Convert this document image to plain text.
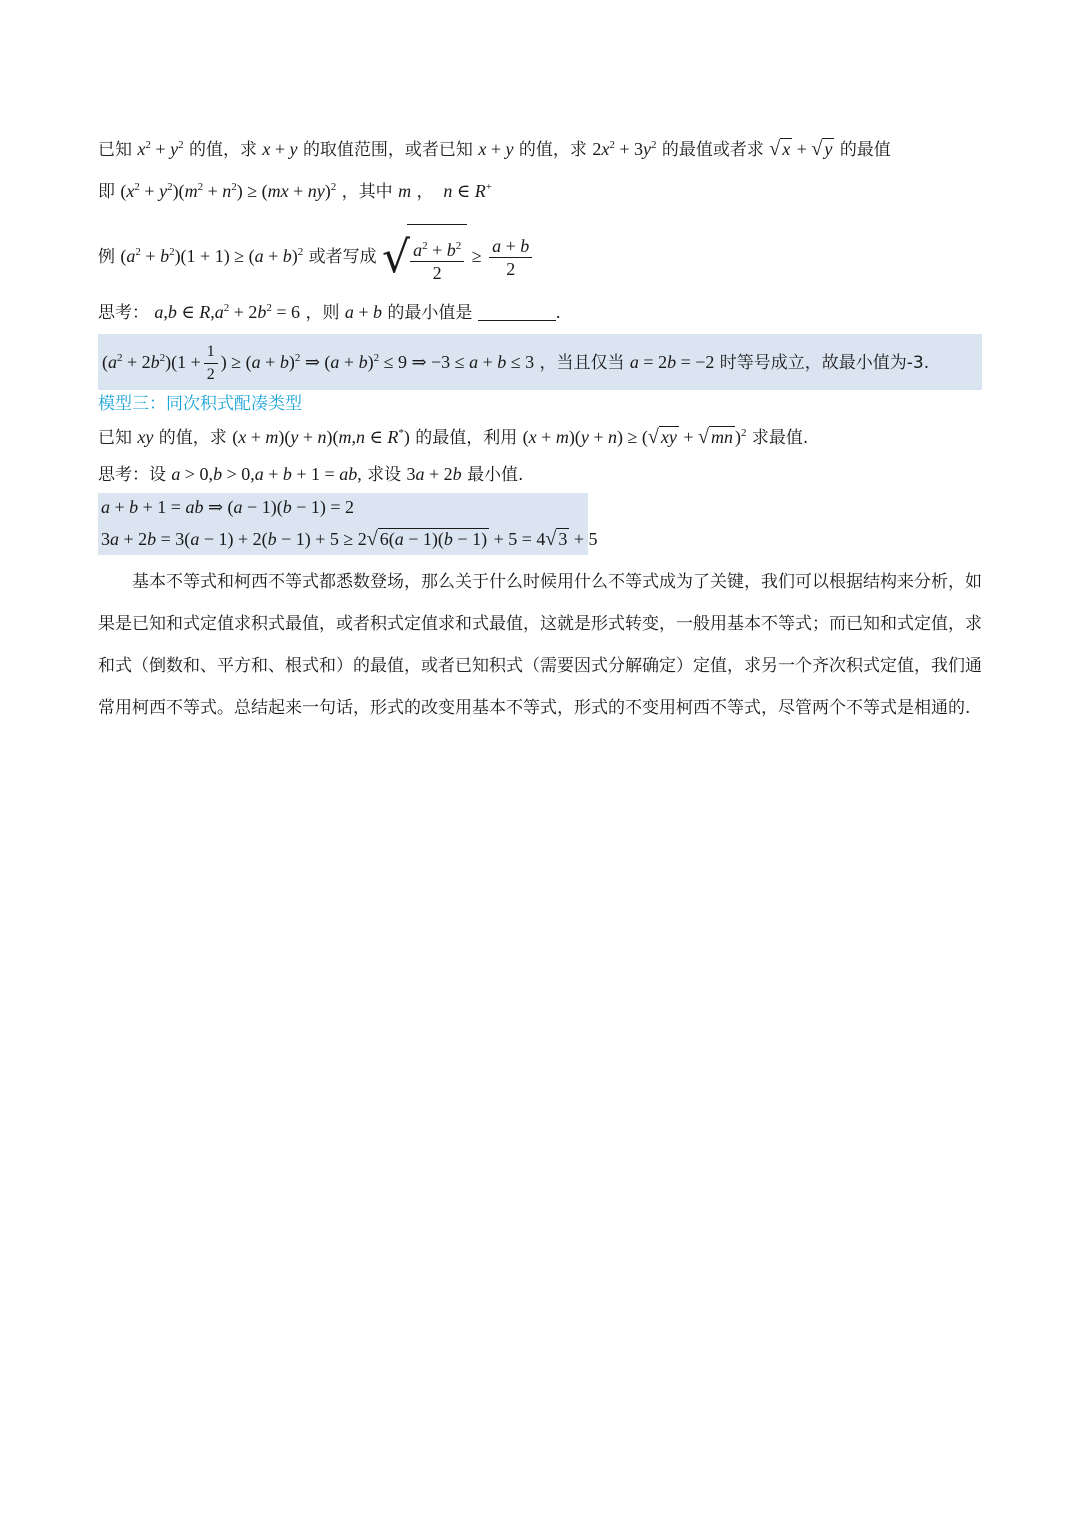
已知 $x^2 + y^2$ 的值，求 x + y 的取值范围，或者已知 x + y 的值，求 $2x^2 + 3y^2$ 的最值或者求 √ x + √ y 的最值
即 $(x^2 + y^2)(m^2 + n^2) \ge (mx + ny)^2$ ，其中 m ， n ∈ R+
例 $(a^2 + b^2)(1 + 1) \ge (a + b)^2$ 或者写成 √ $\frac{a^2 + b^2}{2} \ge \frac{a + b}{2}$
思考： a,b ∈ $R,a^2 + 2b^2 = 6$ ，则 a + b 的最小值是	.
$(a^2 + 2b^2)(1 + \frac{1}{2}$ ) ≥ $(a + b)^2$ ⇒ $(a + b)^2 \le 9$ ⇒ −3 ≤ a + b ≤ 3 ，当且仅当 a = 2b = −2 时等号成立，故最小值为-3.
模型三：同次积式配凑类型
已知 xy 的值，求 (x + m)(y + n)(m,n ∈ R*) 的最值，利用 (x + m)(y + n) ≥ (√ xy + √ mn )$^2$ 求最值.
思考：设 a > 0,b > 0,a + b + 1 = ab, 求设 3a + 2b 最小值.
a + b + 1 = ab ⇒ (a − 1)(b − 1) = 2
3a + 2b = 3(a − 1) + 2(b − 1) + 5 ≥ 2√ 6(a − 1)(b − 1) + 5 = 4√ 3 + 5

基本不等式和柯西不等式都悉数登场，那么关于什么时候用什么不等式成为了关键，我们可以根据结构来分析，如果是已知和式定值求积式最值，或者积式定值求和式最值，这就是形式转变，一般用基本不等式；而已知和式定值，求和式（倒数和、平方和、根式和）的最值，或者已知积式（需要因式分解确定）定值，求另一个齐次积式定值，我们通常用柯西不等式。总结起来一句话，形式的改变用基本不等式，形式的不变用柯西不等式，尽管两个不等式是相通的.
